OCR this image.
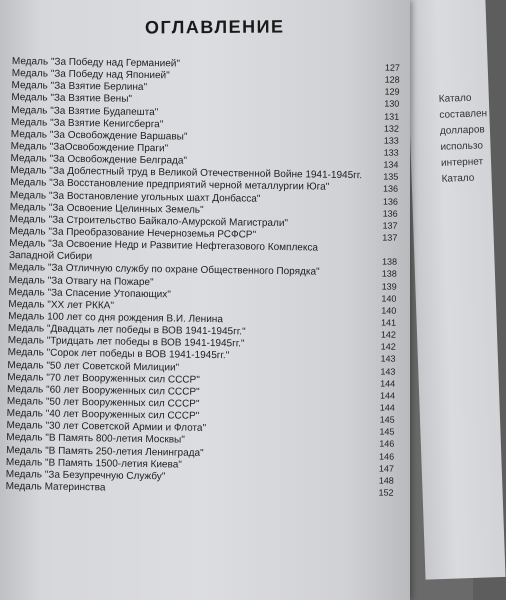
Катало
составлен
долларов
использо
интернет
Катало
ОГЛАВЛЕНИЕ
Медаль "За Победу над Германией"	127
Медаль "За Победу над Японией"	128
Медаль "За Взятие Берлина"	129
Медаль "За Взятие Вены"	130
Медаль "За Взятие Будапешта"	131
Медаль "За Взятие Кенигсберга"	132
Медаль "За Освобождение Варшавы"	133
Медаль "ЗаОсвобождение Праги"	133
Медаль "За Освобождение Белграда"	134
Медаль "За Доблестный труд в Великой Отечественной Войне 1941-1945гг. 135
Медаль "За Восстановление предприятий черной металлургии Юга"	136
Медаль "За Востановление угольных шахт Донбасса"	136
Медаль "За Освоение Целинных Земель"	136
Медаль "За Строительство Байкало-Амурской Магистрали"	137
Медаль "За Преобразование Нечерноземья РСФСР"	137
Медаль "За Освоение Недр и Развитие Нефтегазового Комплекса
Западной Сибири	138
Медаль "За Отличную службу по охране Общественного Порядка"	138
Медаль "За Отвагу на Пожаре"	139
Медаль "За Спасение Утопающих"	140
Медаль "XX лет РККА"	140
Медаль 100 лет со дня рождения В.И. Ленина	141
Медаль "Двадцать лет победы в ВОВ 1941-1945гг."	142
Медаль "Тридцать лет победы в ВОВ 1941-1945гг."	142
Медаль "Сорок лет победы в ВОВ 1941-1945гг."	143
Медаль "50 лет Советской Милиции"	143
Медаль "70 лет Вооруженных сил СССР"	144
Медаль "60 лет Вооруженных сил СССР"	144
Медаль "50 лет Вооруженных сил СССР"	144
Медаль "40 лет Вооруженных сил СССР"	145
Медаль "30 лет Советской Армии и Флота"	145
Медаль "В Память 800-летия Москвы"	146
Медаль "В Память 250-летия Ленинграда"	146
Медаль "В Память 1500-летия Киева"	147
Медаль "За Безупречную Службу"	148
Медаль Материнства	152
